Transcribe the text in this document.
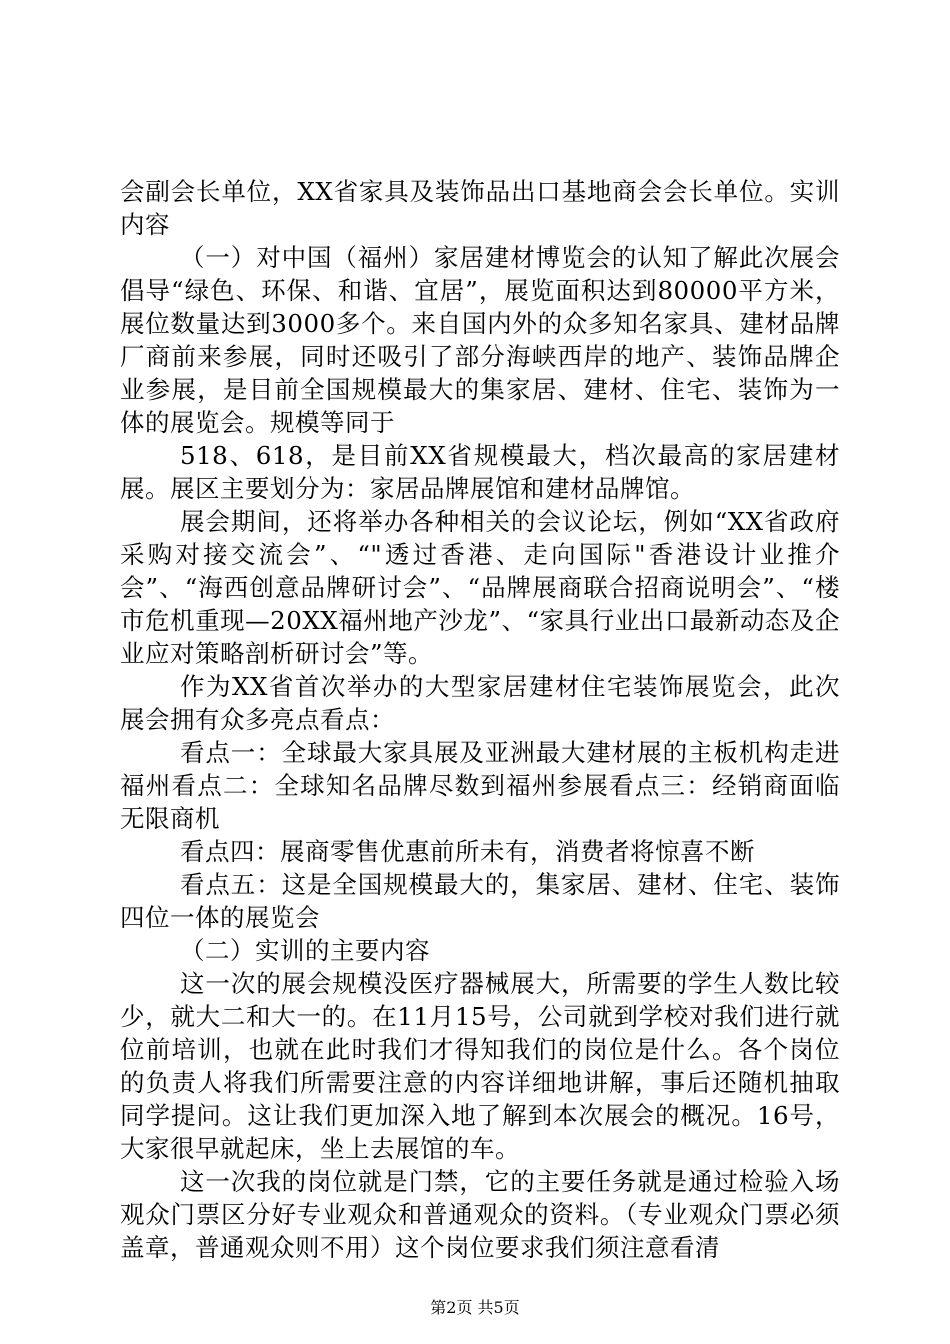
会副会长单位，XX省家具及装饰品出口基地商会会长单位。实训内容

（一）对中国（福州）家居建材博览会的认知了解此次展会倡导“绿色、环保、和谐、宜居”，展览面积达到80000平方米，展位数量达到3000多个。来自国内外的众多知名家具、建材品牌厂商前来参展，同时还吸引了部分海峡西岸的地产、装饰品牌企业参展，是目前全国规模最大的集家居、建材、住宅、装饰为一体的展览会。规模等同于

518、618，是目前XX省规模最大，档次最高的家居建材展。展区主要划分为：家居品牌展馆和建材品牌馆。

展会期间，还将举办各种相关的会议论坛，例如“XX省政府采购对接交流会”、“"透过香港、走向国际"香港设计业推介会”、“海西创意品牌研讨会”、“品牌展商联合招商说明会”、“楼市危机重现—20XX福州地产沙龙”、“家具行业出口最新动态及企业应对策略剖析研讨会”等。

作为XX省首次举办的大型家居建材住宅装饰展览会，此次展会拥有众多亮点看点：

看点一：全球最大家具展及亚洲最大建材展的主板机构走进福州看点二：全球知名品牌尽数到福州参展看点三：经销商面临无限商机

看点四：展商零售优惠前所未有，消费者将惊喜不断

看点五：这是全国规模最大的，集家居、建材、住宅、装饰四位一体的展览会

（二）实训的主要内容

这一次的展会规模没医疗器械展大，所需要的学生人数比较少，就大二和大一的。在11月15号，公司就到学校对我们进行就位前培训，也就在此时我们才得知我们的岗位是什么。各个岗位的负责人将我们所需要注意的内容详细地讲解，事后还随机抽取同学提问。这让我们更加深入地了解到本次展会的概况。16号，大家很早就起床，坐上去展馆的车。

这一次我的岗位就是门禁，它的主要任务就是通过检验入场观众门票区分好专业观众和普通观众的资料。（专业观众门票必须盖章，普通观众则不用）这个岗位要求我们须注意看清

第2页 共5页
